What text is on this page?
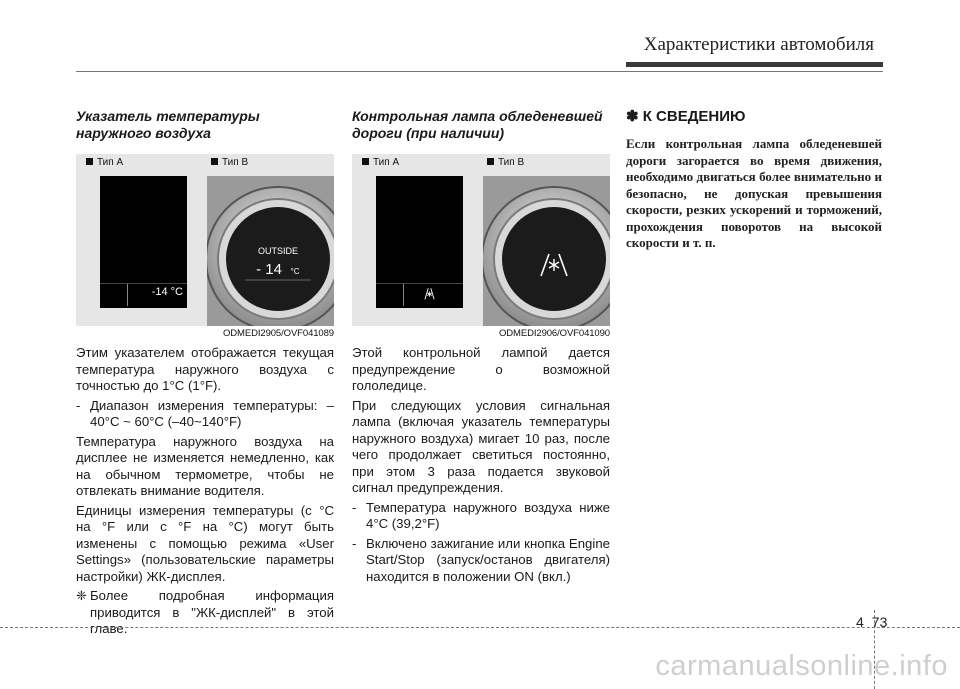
Характеристики автомобиля
Указатель температуры
наружного воздуха
Тип A	Тип B
-14 °C
OUTSIDE
- 14 °C
ODMEDI2905/OVF041089

Этим указателем отображается текущая температура наружного воздуха с точностью до 1°C (1°F).

- Диапазон измерения температуры: –40°C ~ 60°C (–40~140°F)

Температура наружного воздуха на дисплее не изменяется немедленно, как на обычном термометре, чтобы не отвлекать внимание водителя.

Единицы измерения температуры (с °C на °F или с °F на °C) могут быть изменены с помощью режима «User Settings» (пользовательские параметры настройки) ЖК-дисплея.

❈ Более подробная информация приводится в "ЖК-дисплей" в этой главе.

Контрольная лампа обледеневшей
дороги (при наличии)
Тип A	Тип B
ODMEDI2906/OVF041090

Этой контрольной лампой дается предупреждение о возможной гололедице.

При следующих условия сигнальная лампа (включая указатель температуры наружного воздуха) мигает 10 раз, после чего продолжает светиться постоянно, при этом 3 раза подается звуковой сигнал предупреждения.

- Температура наружного воздуха ниже 4°C (39,2°F)

- Включено зажигание или кнопка Engine Start/Stop (запуск/останов двигателя) находится в положении ON (вкл.)

✽ К СВЕДЕНИЮ
Если контрольная лампа обледеневшей дороги загорается во время движения, необходимо двигаться более внимательно и безопасно, не допуская превышения скорости, резких ускорений и торможений, прохождения поворотов на высокой скорости и т. п.
4 73
carmanualsonline.info
